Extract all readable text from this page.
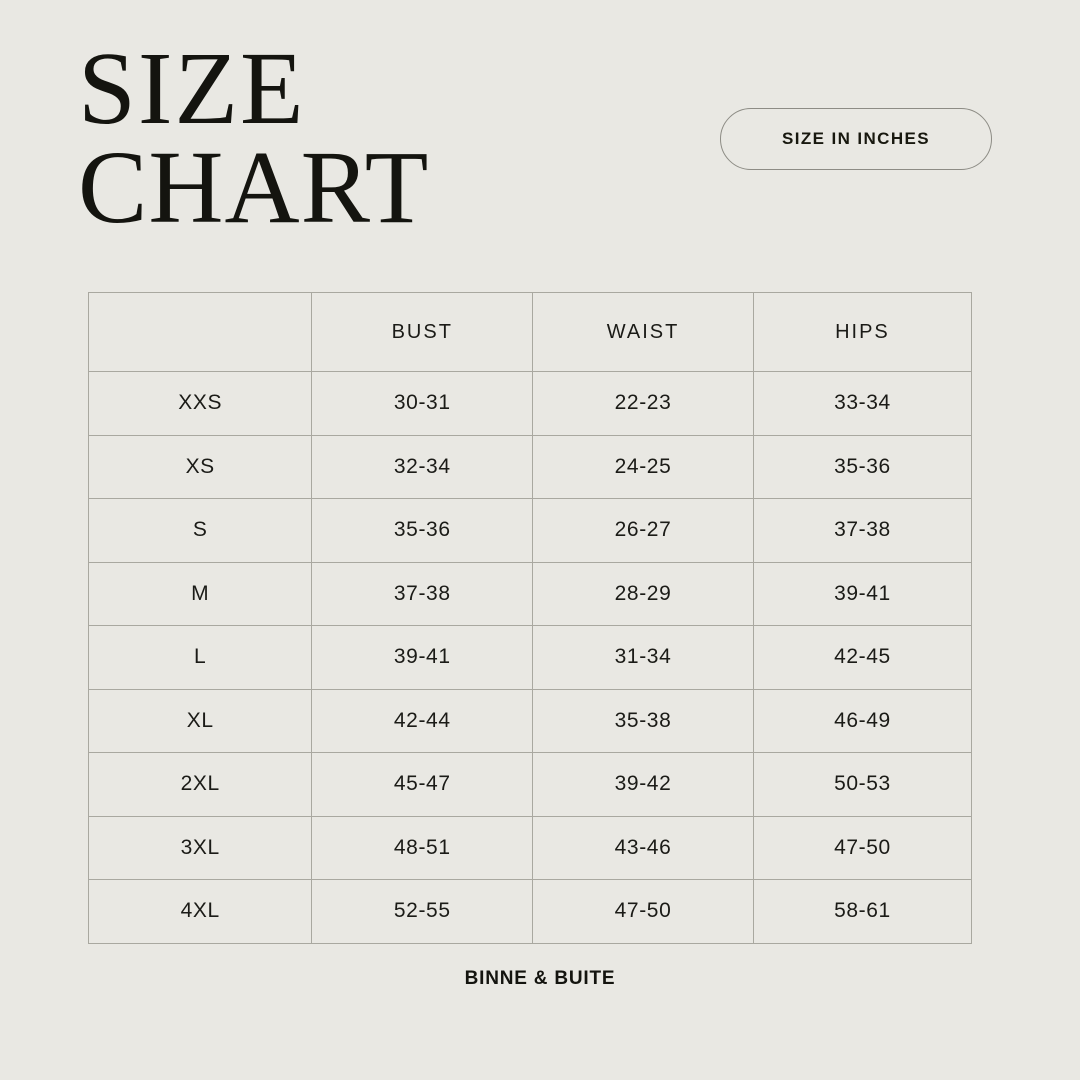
SIZE
CHART	SIZE IN INCHES
	BUST	WAIST	HIPS
XXS	30-31	22-23	33-34
XS	32-34	24-25	35-36
S	35-36	26-27	37-38
M	37-38	28-29	39-41
L	39-41	31-34	42-45
XL	42-44	35-38	46-49
2XL	45-47	39-42	50-53
3XL	48-51	43-46	47-50
4XL	52-55	47-50	58-61
BINNE & BUITE
